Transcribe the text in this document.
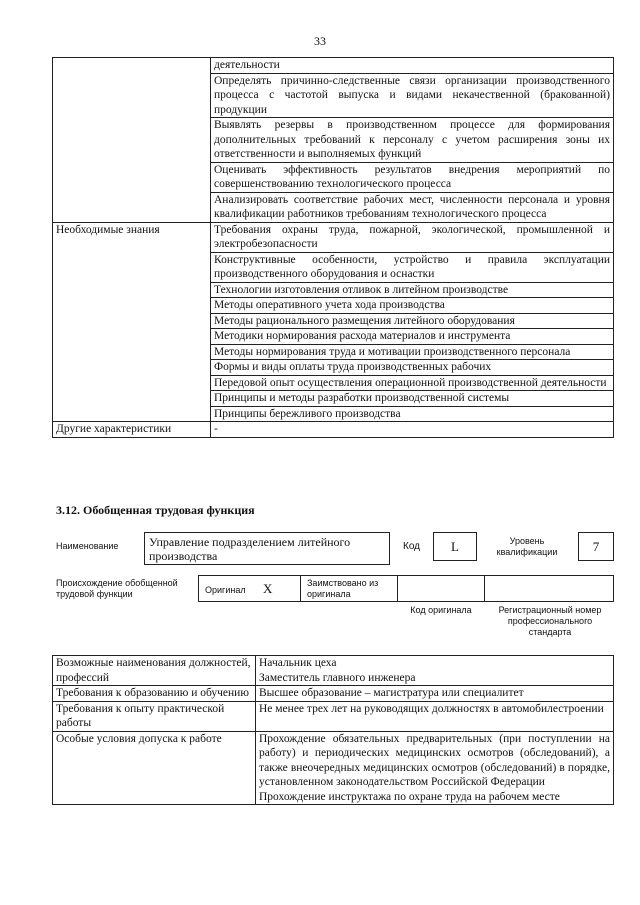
33
	деятельности
	Определять причинно-следственные связи организации производственного процесса с частотой выпуска и видами некачественной (бракованной) продукции
	Выявлять резервы в производственном процессе для формирования дополнительных требований к персоналу с учетом расширения зоны их ответственности и выполняемых функций
	Оценивать эффективность результатов внедрения мероприятий по совершенствованию технологического процесса
	Анализировать соответствие рабочих мест, численности персонала и уровня квалификации работников требованиям технологического процесса
Необходимые знания	Требования охраны труда, пожарной, экологической, промышленной и электробезопасности
	Конструктивные особенности, устройство и правила эксплуатации производственного оборудования и оснастки
	Технологии изготовления отливок в литейном производстве
	Методы оперативного учета хода производства
	Методы рационального размещения литейного оборудования
	Методики нормирования расхода материалов и инструмента
	Методы нормирования труда и мотивации производственного персонала
	Формы и виды оплаты труда производственных рабочих
	Передовой опыт осуществления операционной производственной деятельности
	Принципы и методы разработки производственной системы
	Принципы бережливого производства
Другие характеристики	-
3.12. Обобщенная трудовая функция
Наименование	Управление подразделением литейного производства
Код	L	Уровень квалификации	7
Происхождение обобщенной трудовой функции	Оригинал X	Заимствовано из оригинала
Код оригинала	Регистрационный номер профессионального стандарта
Возможные наименования должностей, профессий	Начальник цеха
Заместитель главного инженера

Требования к образованию и обучению	Высшее образование – магистратура или специалитет
Требования к опыту практической работы	Не менее трех лет на руководящих должностях в автомобилестроении
Особые условия допуска к работе	Прохождение обязательных предварительных (при поступлении на работу) и периодических медицинских осмотров (обследований), а также внеочередных медицинских осмотров (обследований) в порядке, установленном законодательством Российской Федерации
Прохождение инструктажа по охране труда на рабочем месте
